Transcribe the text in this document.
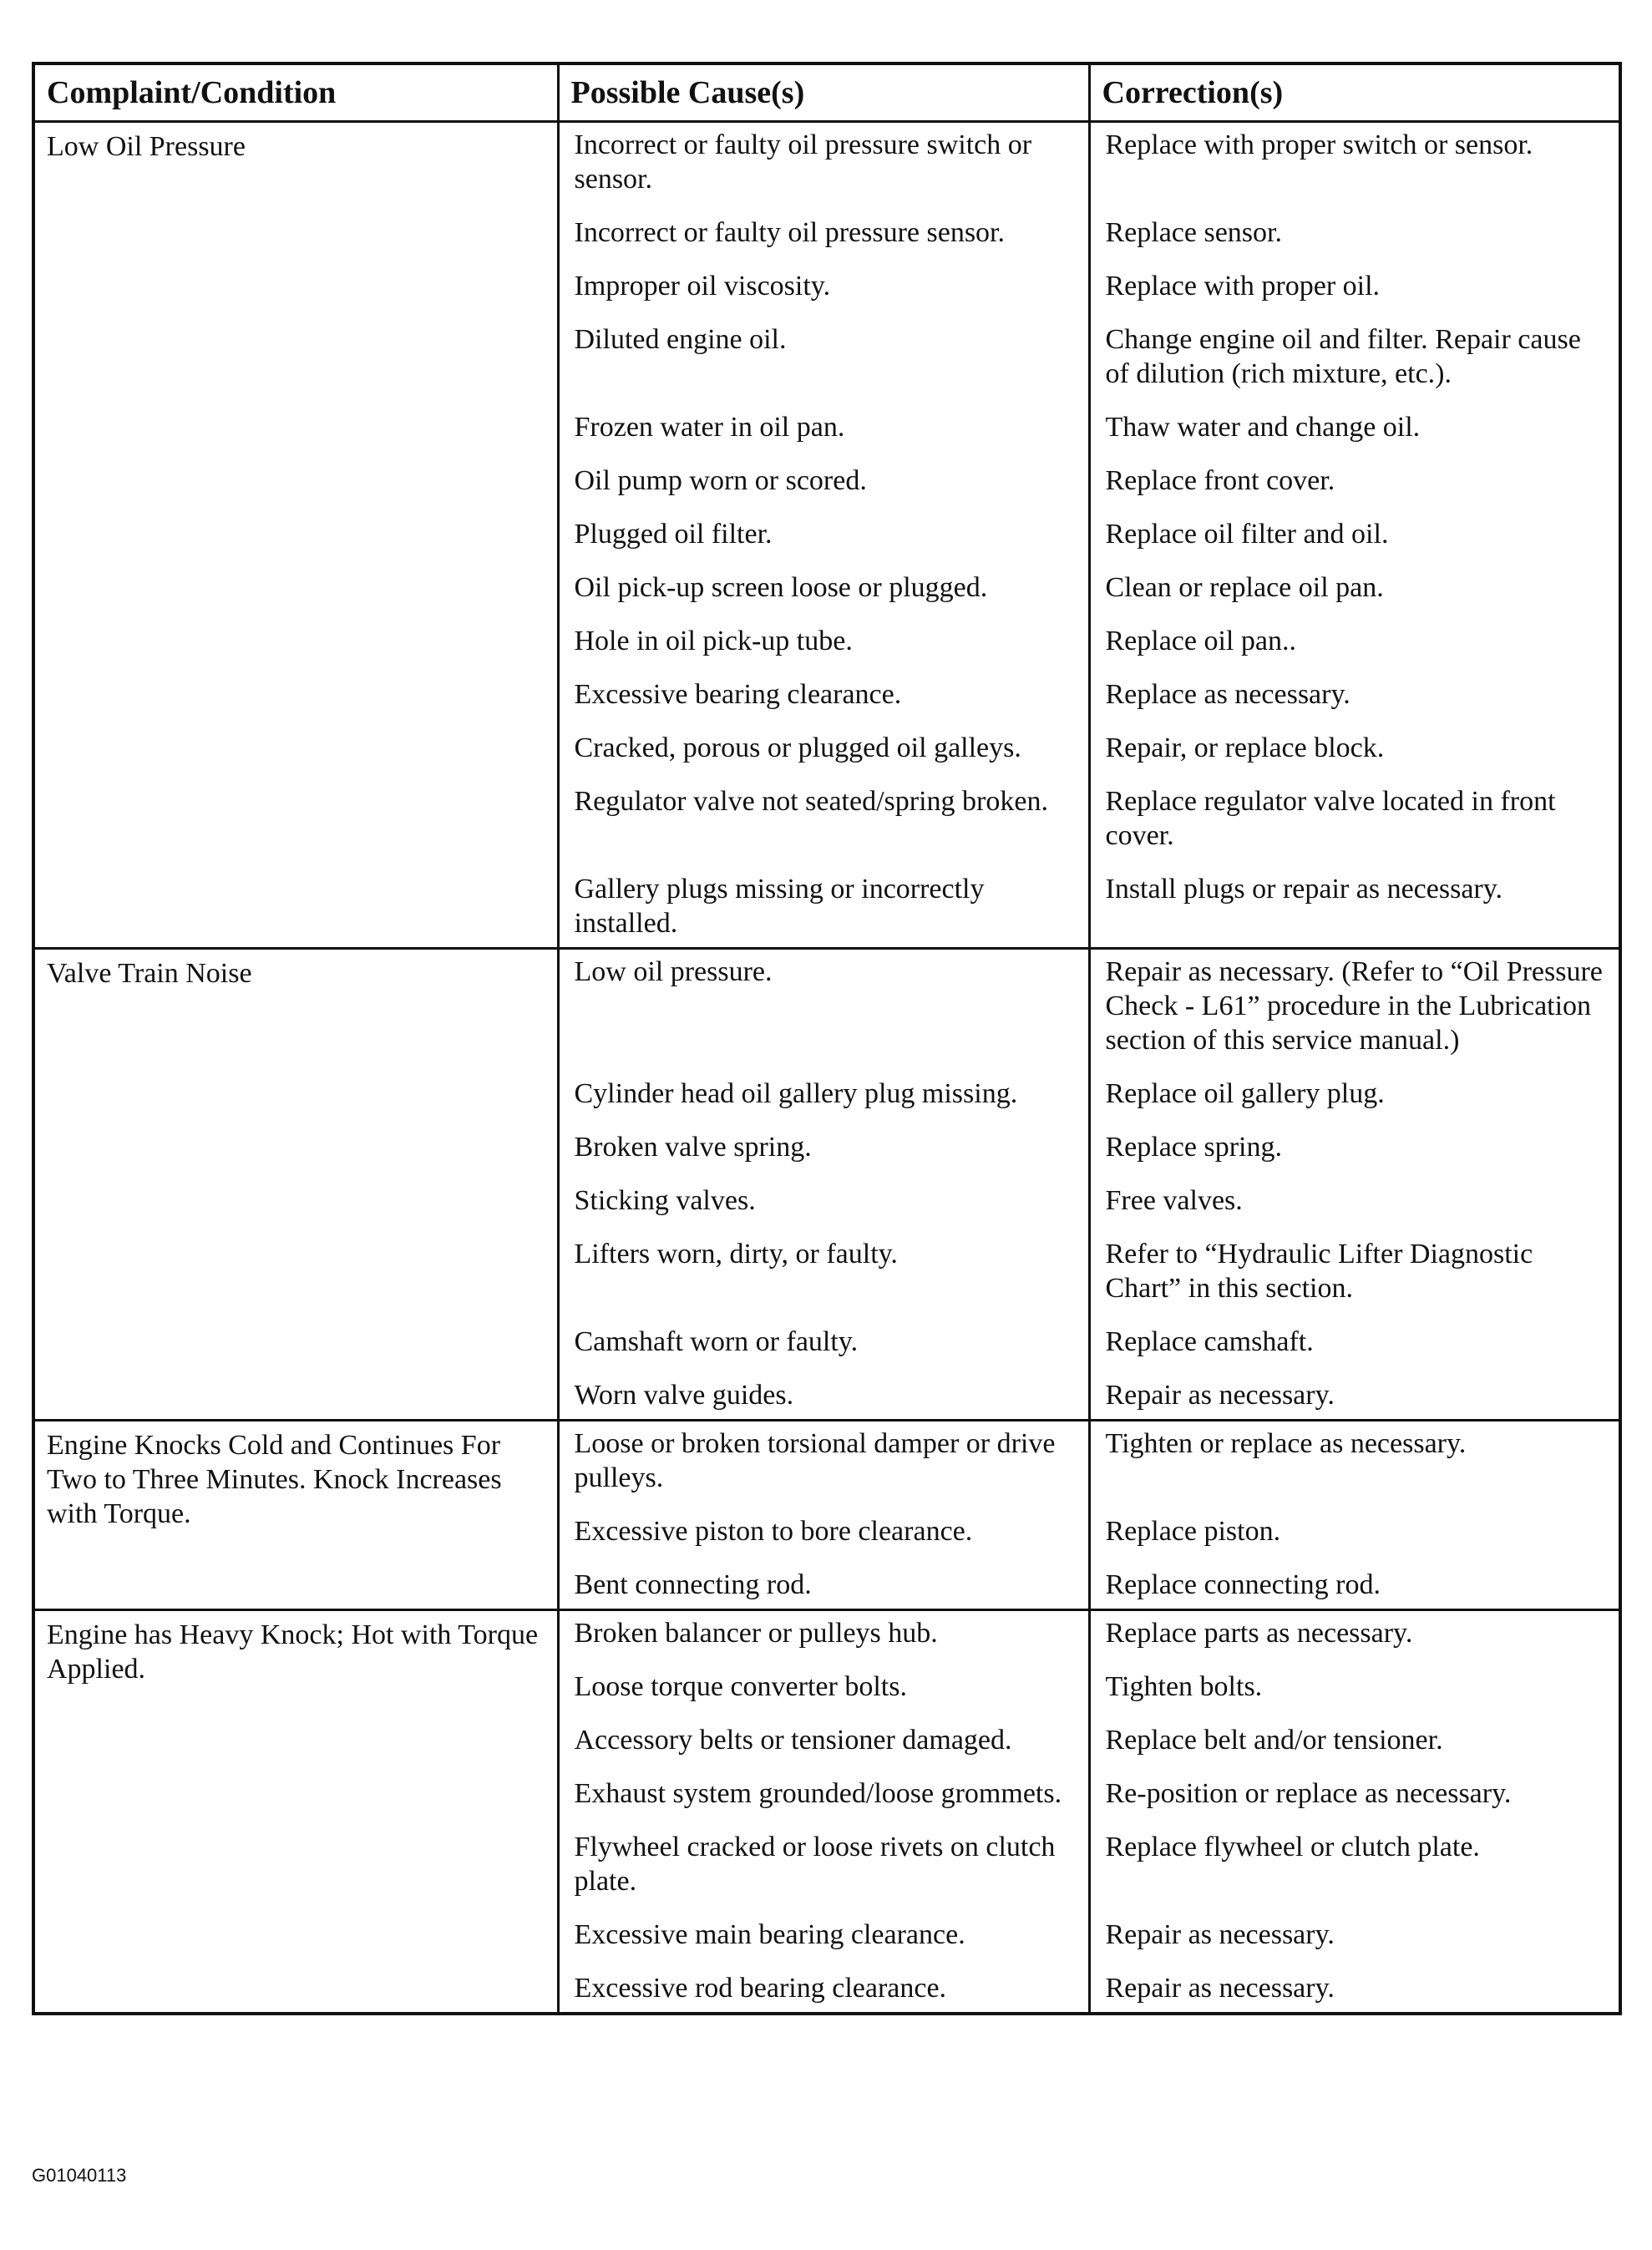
Complaint/Condition	Possible Cause(s)	Correction(s)
Low Oil Pressure	Incorrect or faulty oil pressure switch or sensor.	Replace with proper switch or sensor.
	Incorrect or faulty oil pressure sensor.	Replace sensor.
	Improper oil viscosity.	Replace with proper oil.
	Diluted engine oil.	Change engine oil and filter. Repair cause of dilution (rich mixture, etc.).
	Frozen water in oil pan.	Thaw water and change oil.
	Oil pump worn or scored.	Replace front cover.
	Plugged oil filter.	Replace oil filter and oil.
	Oil pick-up screen loose or plugged.	Clean or replace oil pan.
	Hole in oil pick-up tube.	Replace oil pan..
	Excessive bearing clearance.	Replace as necessary.
	Cracked, porous or plugged oil galleys.	Repair, or replace block.
	Regulator valve not seated/spring broken.	Replace regulator valve located in front cover.
	Gallery plugs missing or incorrectly installed.	Install plugs or repair as necessary.
Valve Train Noise	Low oil pressure.	Repair as necessary. (Refer to “Oil Pressure Check - L61” procedure in the Lubrication section of this service manual.)
	Cylinder head oil gallery plug missing.	Replace oil gallery plug.
	Broken valve spring.	Replace spring.
	Sticking valves.	Free valves.
	Lifters worn, dirty, or faulty.	Refer to “Hydraulic Lifter Diagnostic Chart” in this section.
	Camshaft worn or faulty.	Replace camshaft.
	Worn valve guides.	Repair as necessary.
Engine Knocks Cold and Continues For Two to Three Minutes. Knock Increases with Torque.	Loose or broken torsional damper or drive pulleys.	Tighten or replace as necessary.
	Excessive piston to bore clearance.	Replace piston.
	Bent connecting rod.	Replace connecting rod.
Engine has Heavy Knock; Hot with Torque Applied.	Broken balancer or pulleys hub.	Replace parts as necessary.
	Loose torque converter bolts.	Tighten bolts.
	Accessory belts or tensioner damaged.	Replace belt and/or tensioner.
	Exhaust system grounded/loose grommets.	Re-position or replace as necessary.
	Flywheel cracked or loose rivets on clutch plate.	Replace flywheel or clutch plate.
	Excessive main bearing clearance.	Repair as necessary.
	Excessive rod bearing clearance.	Repair as necessary.
G01040113
